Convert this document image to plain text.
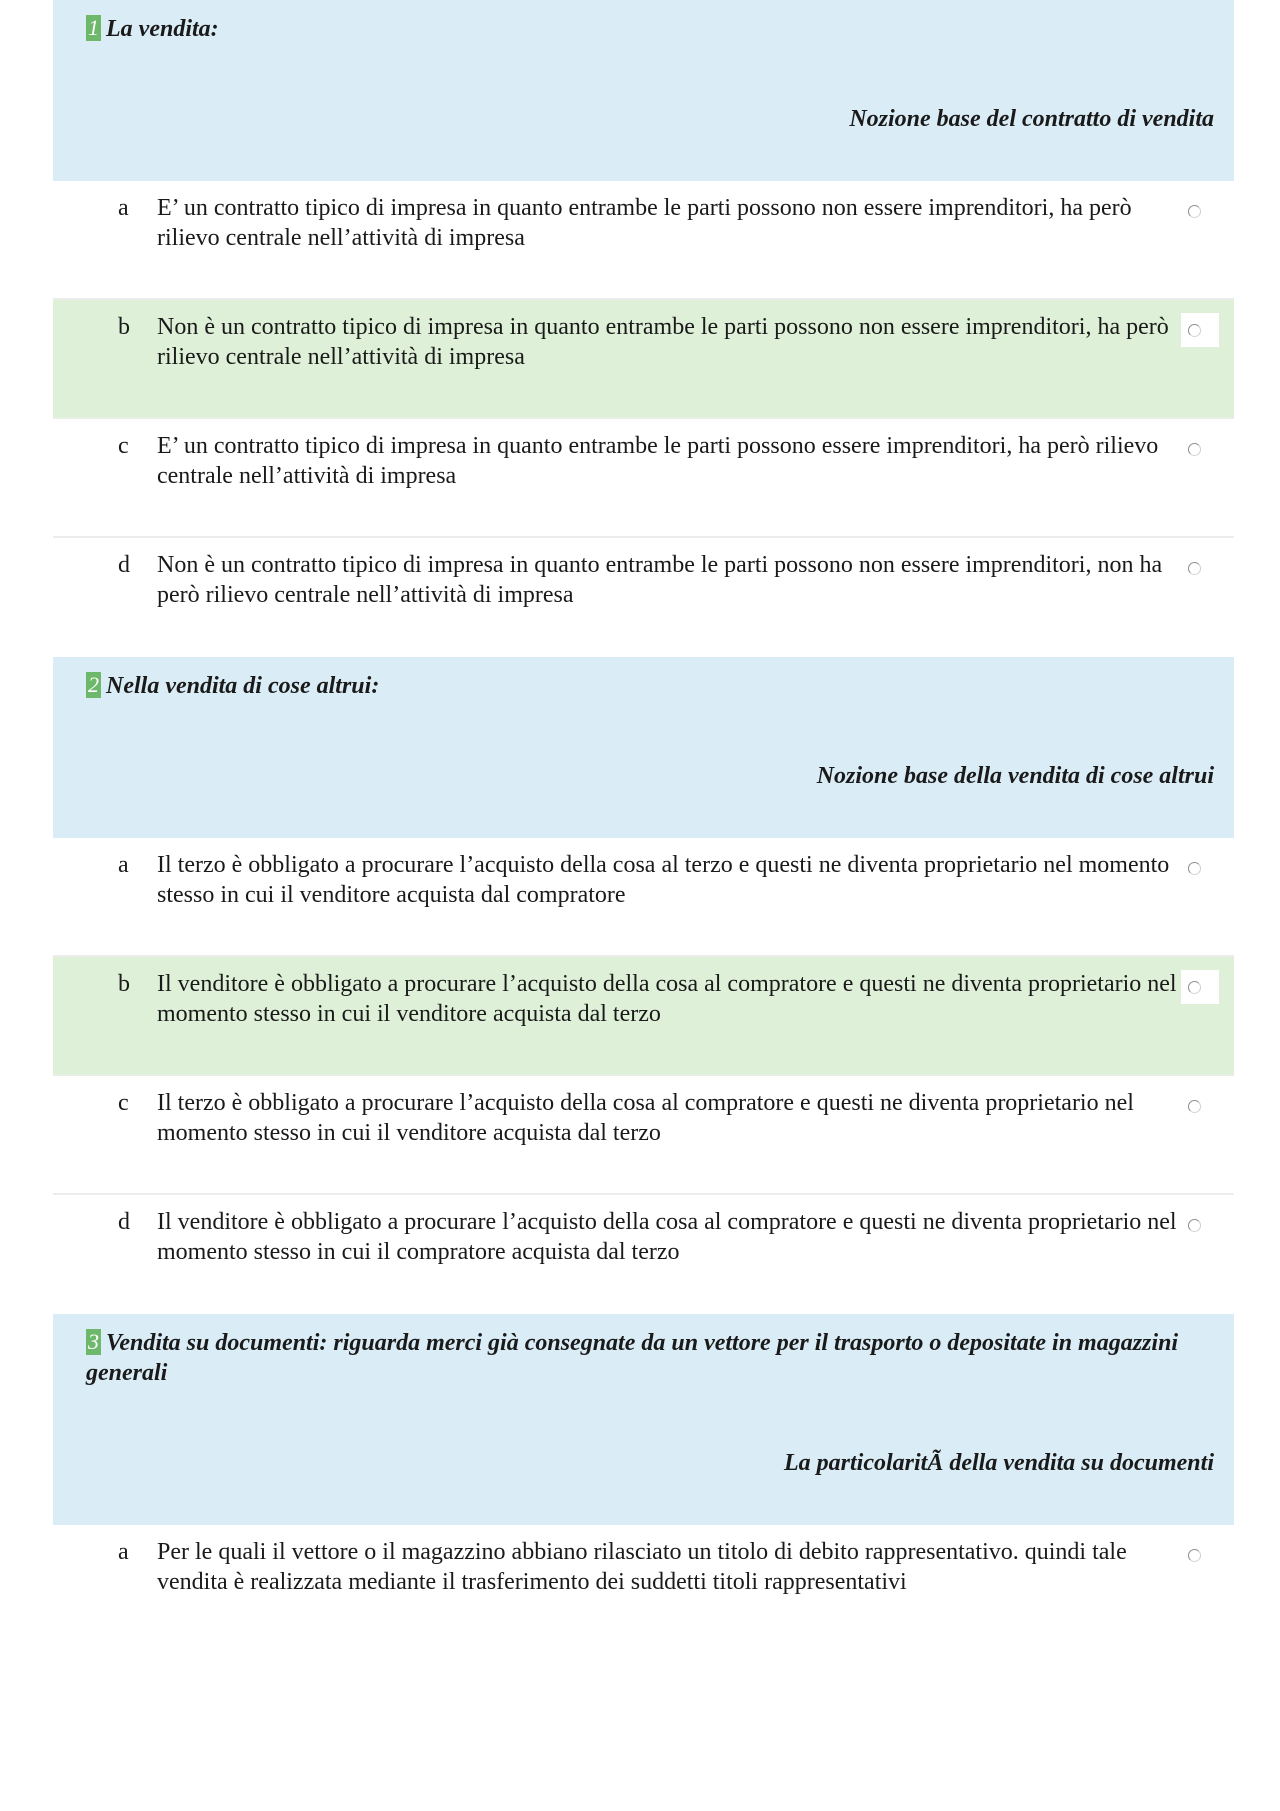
1 La vendita:
Nozione base del contratto di vendita
a	E’ un contratto tipico di impresa in quanto entrambe le parti possono non essere imprenditori, ha però rilievo centrale nell’attività di impresa
b	Non è un contratto tipico di impresa in quanto entrambe le parti possono non essere imprenditori, ha però rilievo centrale nell’attività di impresa
c	E’ un contratto tipico di impresa in quanto entrambe le parti possono essere imprenditori, ha però rilievo centrale nell’attività di impresa
d	Non è un contratto tipico di impresa in quanto entrambe le parti possono non essere imprenditori, non ha però rilievo centrale nell’attività di impresa
2 Nella vendita di cose altrui:
Nozione base della vendita di cose altrui
a	Il terzo è obbligato a procurare l’acquisto della cosa al terzo e questi ne diventa proprietario nel momento stesso in cui il venditore acquista dal compratore
b	Il venditore è obbligato a procurare l’acquisto della cosa al compratore e questi ne diventa proprietario nel momento stesso in cui il venditore acquista dal terzo
c	Il terzo è obbligato a procurare l’acquisto della cosa al compratore e questi ne diventa proprietario nel momento stesso in cui il venditore acquista dal terzo
d	Il venditore è obbligato a procurare l’acquisto della cosa al compratore e questi ne diventa proprietario nel momento stesso in cui il compratore acquista dal terzo
3 Vendita su documenti: riguarda merci già consegnate da un vettore per il trasporto o depositate in magazzini generali
La particolaritÃ della vendita su documenti
a	Per le quali il vettore o il magazzino abbiano rilasciato un titolo di debito rappresentativo. quindi tale vendita è realizzata mediante il trasferimento dei suddetti titoli rappresentativi
